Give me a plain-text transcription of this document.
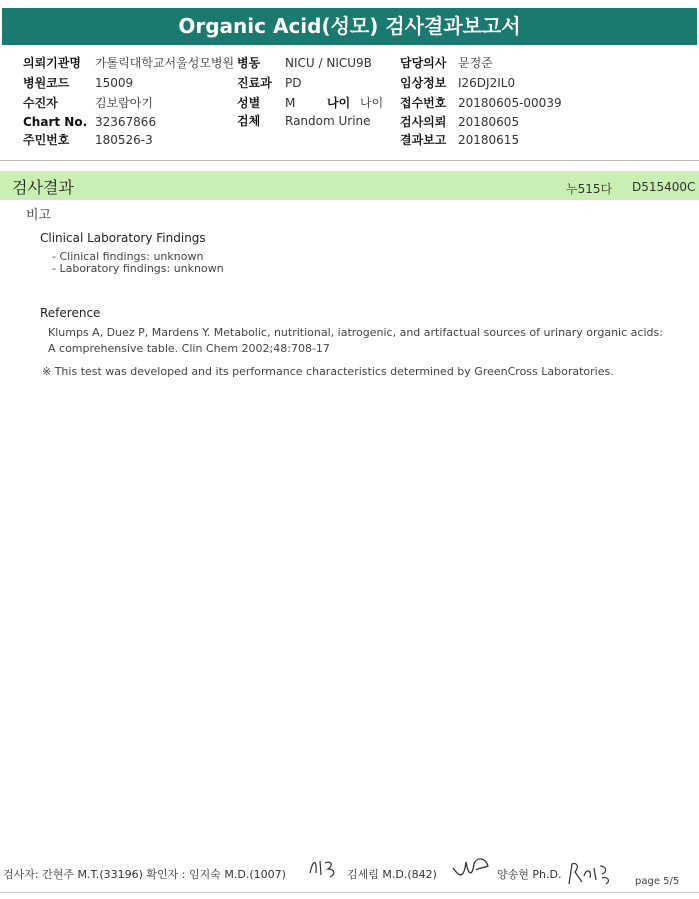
Organic Acid(성모) 검사결과보고서
의뢰기관명 가톨릭대학교서울성모병원
병원코드 15009
수진자	김보람아기
Chart No. 32367866
주민번호 180526-3
병동 NICU / NICU9B
진료과 PD
성별 M	나이 나이
검체 Random Urine
담당의사 문정준
임상정보 I26DJ2IL0
접수번호 20180605-00039
검사의뢰 20180605
결과보고 20180615
검사결과	누515다 D515400C
비고
Clinical Laboratory Findings
- Clinical findings: unknown
- Laboratory findings: unknown
Reference
Klumps A, Duez P, Mardens Y. Metabolic, nutritional, iatrogenic, and artifactual sources of urinary organic acids:
A comprehensive table. Clin Chem 2002;48:708-17
※ This test was developed and its performance characteristics determined by GreenCross Laboratories.
검사자: 간현주 M.T.(33196) 확인자 : 임지숙 M.D.(1007)	김세림 M.D.(842)	양송현 Ph.D.
page 5/5
